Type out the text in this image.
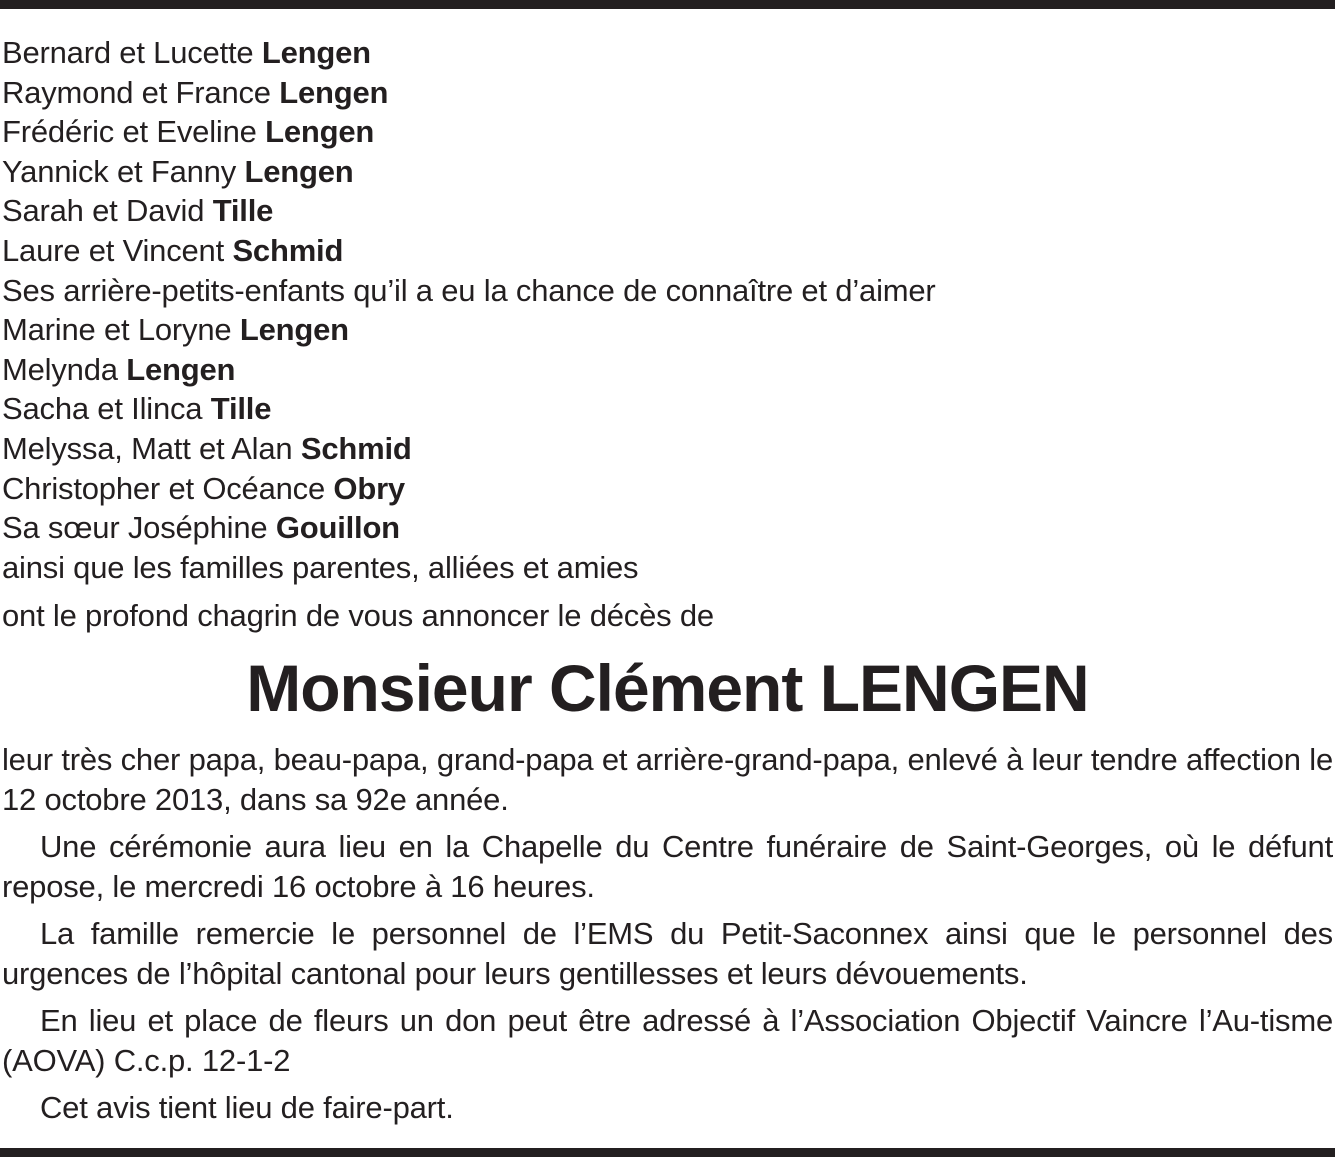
Bernard et Lucette Lengen
Raymond et France Lengen
Frédéric et Eveline Lengen
Yannick et Fanny Lengen
Sarah et David Tille
Laure et Vincent Schmid
Ses arrière-petits-enfants qu’il a eu la chance de connaître et d’aimer
Marine et Loryne Lengen
Melynda Lengen
Sacha et Ilinca Tille
Melyssa, Matt et Alan Schmid
Christopher et Océance Obry
Sa sœur Joséphine Gouillon
ainsi que les familles parentes, alliées et amies
ont le profond chagrin de vous annoncer le décès de
Monsieur Clément LENGEN

leur très cher papa, beau-papa, grand-papa et arrière-grand-papa, enlevé à leur tendre affection le 12 octobre 2013, dans sa 92e année.

Une cérémonie aura lieu en la Chapelle du Centre funéraire de Saint-Georges, où le défunt repose, le mercredi 16 octobre à 16 heures.

La famille remercie le personnel de l’EMS du Petit-Saconnex ainsi que le personnel des urgences de l’hôpital cantonal pour leurs gentillesses et leurs dévouements.

En lieu et place de fleurs un don peut être adressé à l’Association Objectif Vaincre l’Au-tisme (AOVA) C.c.p. 12-1-2

Cet avis tient lieu de faire-part.
